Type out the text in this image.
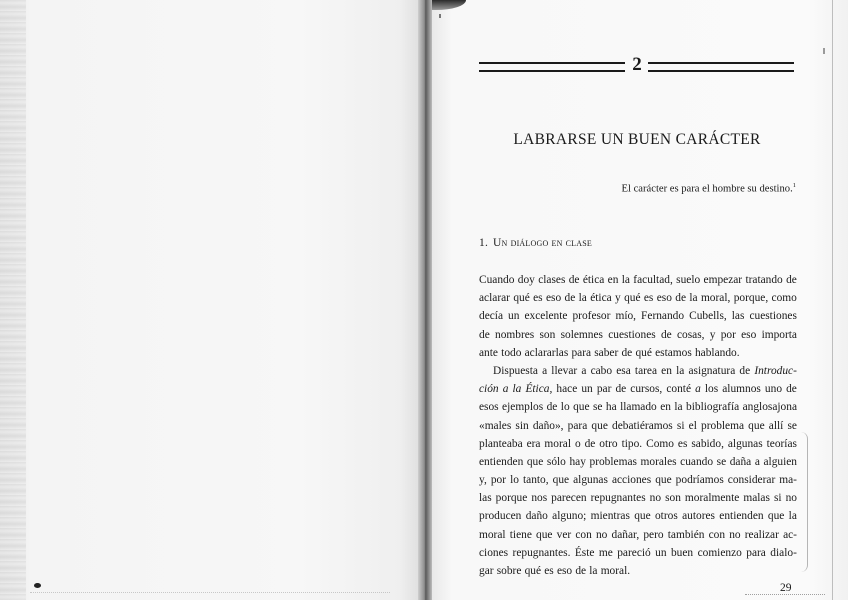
2
LABRARSE UN BUEN CARÁCTER
El carácter es para el hombre su destino.$^1$
1. Un diálogo en clase
Cuando doy clases de ética en la facultad, suelo empezar tratando de
aclarar qué es eso de la ética y qué es eso de la moral, porque, como
decía un excelente profesor mío, Fernando Cubells, las cuestiones
de nombres son solemnes cuestiones de cosas, y por eso importa
ante todo aclararlas para saber de qué estamos hablando.
Dispuesta a llevar a cabo esa tarea en la asignatura de Introduc-
ción a la Ética, hace un par de cursos, conté a los alumnos uno de
esos ejemplos de lo que se ha llamado en la bibliografía anglosajona
«males sin daño», para que debatiéramos si el problema que allí se
planteaba era moral o de otro tipo. Como es sabido, algunas teorías
entienden que sólo hay problemas morales cuando se daña a alguien
y, por lo tanto, que algunas acciones que podríamos considerar ma-
las porque nos parecen repugnantes no son moralmente malas si no
producen daño alguno; mientras que otros autores entienden que la
moral tiene que ver con no dañar, pero también con no realizar ac-
ciones repugnantes. Éste me pareció un buen comienzo para dialo-
gar sobre qué es eso de la moral.
29
